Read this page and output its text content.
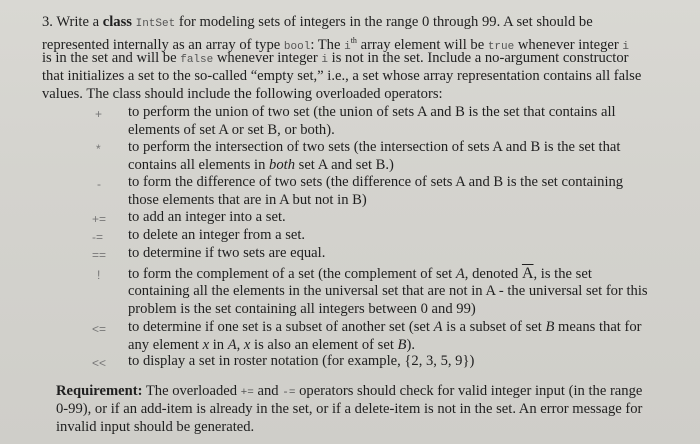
3. Write a class IntSet for modeling sets of integers in the range 0 through 99. A set should be
represented internally as an array of type bool: The $i^{th}$ array element will be true whenever integer i
is in the set and will be false whenever integer i is not in the set. Include a no-argument constructor
that initializes a set to the so-called “empty set,” i.e., a set whose array representation contains all false
values. The class should include the following overloaded operators:
+ to perform the union of two set (the union of sets A and B is the set that contains all
elements of set A or set B, or both).
* to perform the intersection of two sets (the intersection of sets A and B is the set that
contains all elements in both set A and set B.)
- to form the difference of two sets (the difference of sets A and B is the set containing
those elements that are in A but not in B)
+= to add an integer into a set.
-= to delete an integer from a set.
== to determine if two sets are equal.
! to form the complement of a set (the complement of set A, denoted $\overline{A}$, is the set
containing all the elements in the universal set that are not in A - the universal set for this
problem is the set containing all integers between 0 and 99)
<= to determine if one set is a subset of another set (set A is a subset of set B means that for
any element x in A, x is also an element of set B).
<< to display a set in roster notation (for example, {2, 3, 5, 9})
Requirement: The overloaded += and -= operators should check for valid integer input (in the range
0-99), or if an add-item is already in the set, or if a delete-item is not in the set. An error message for
invalid input should be generated.
